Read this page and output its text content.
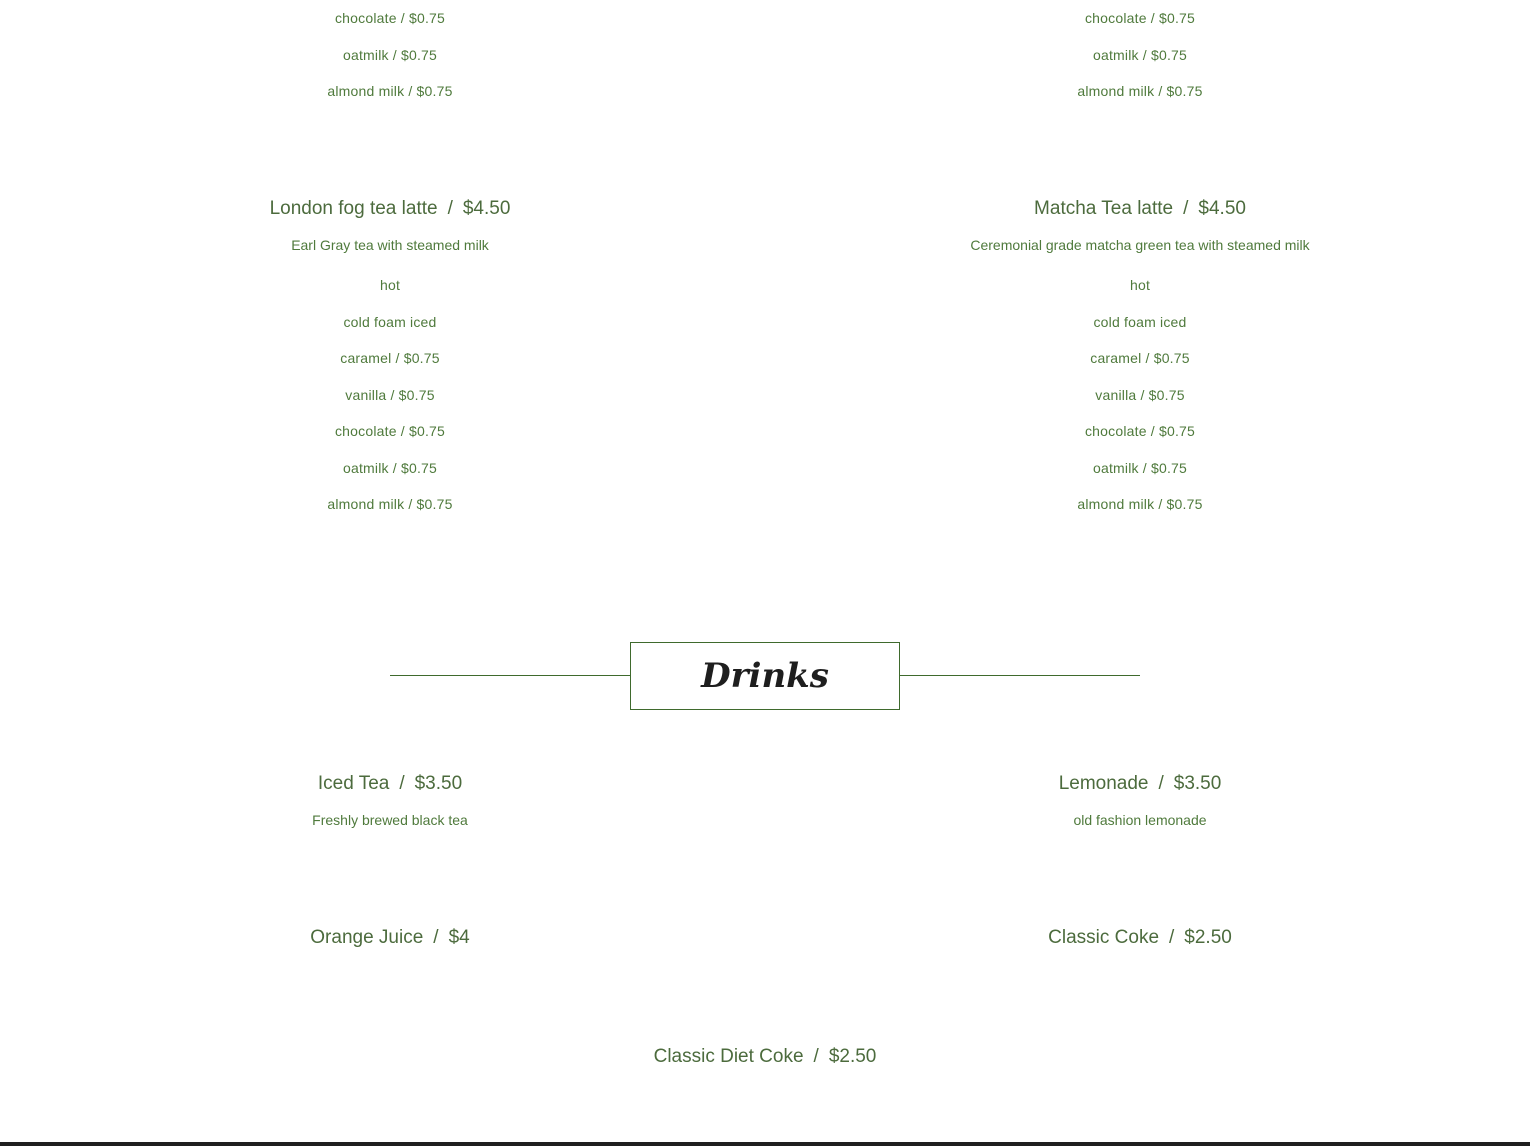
chocolate / $0.75
oatmilk / $0.75
almond milk / $0.75
chocolate / $0.75
oatmilk / $0.75
almond milk / $0.75
London fog tea latte / $4.50
Earl Gray tea with steamed milk
hot
cold foam iced
caramel / $0.75
vanilla / $0.75
chocolate / $0.75
oatmilk / $0.75
almond milk / $0.75
Matcha Tea latte / $4.50
Ceremonial grade matcha green tea with steamed milk
hot
cold foam iced
caramel / $0.75
vanilla / $0.75
chocolate / $0.75
oatmilk / $0.75
almond milk / $0.75
Drinks
Iced Tea / $3.50
Freshly brewed black tea
Lemonade / $3.50
old fashion lemonade
Orange Juice / $4	Classic Coke / $2.50
Classic Diet Coke / $2.50
